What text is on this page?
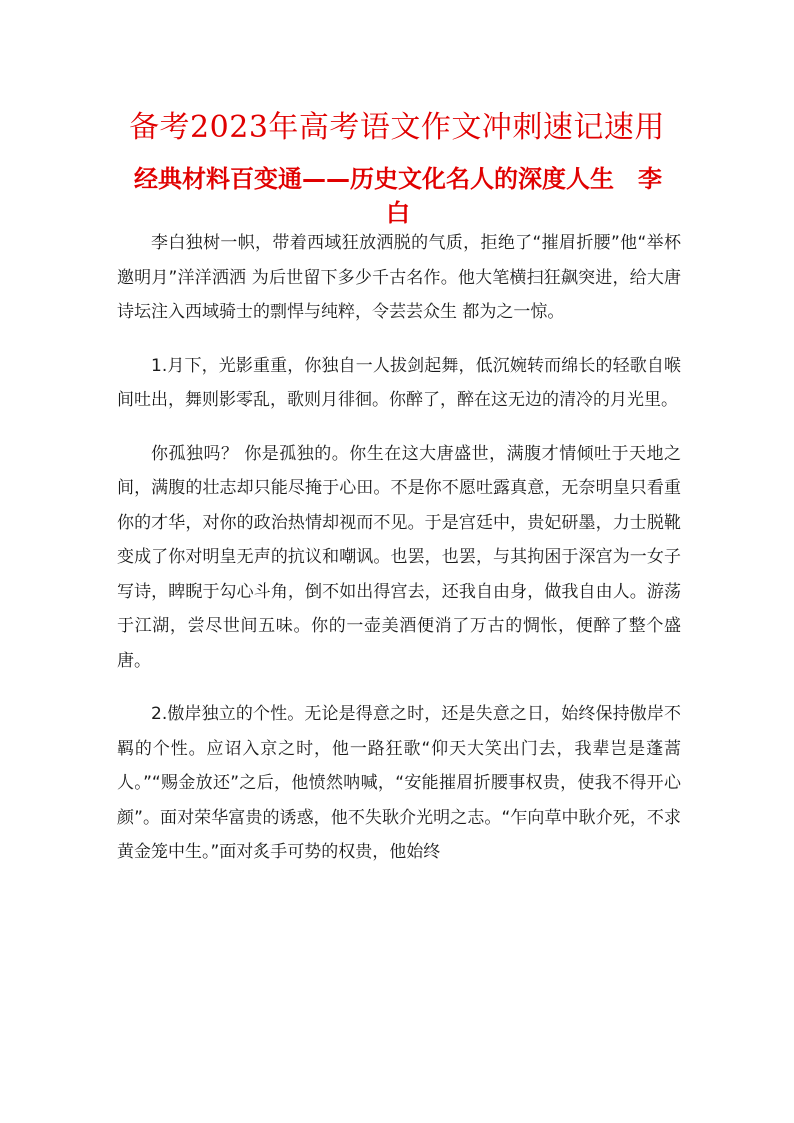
备考2023年高考语文作文冲刺速记速用
经典材料百变通——历史文化名人的深度人生　李白

李白独树一帜，带着西域狂放洒脱的气质，拒绝了“摧眉折腰”他“举杯邀明月”洋洋洒洒 为后世留下多少千古名作。他大笔横扫狂飙突进，给大唐诗坛注入西域骑士的剽悍与纯粹，令芸芸众生 都为之一惊。

1.月下，光影重重，你独自一人拔剑起舞，低沉婉转而绵长的轻歌自喉间吐出，舞则影零乱，歌则月徘徊。你醉了，醉在这无边的清冷的月光里。

你孤独吗？ 你是孤独的。你生在这大唐盛世，满腹才情倾吐于天地之间，满腹的壮志却只能尽掩于心田。不是你不愿吐露真意，无奈明皇只看重你的才华，对你的政治热情却视而不见。于是宫廷中，贵妃研墨，力士脱靴变成了你对明皇无声的抗议和嘲讽。也罢，也罢，与其拘困于深宫为一女子写诗，睥睨于勾心斗角，倒不如出得宫去，还我自由身，做我自由人。游荡于江湖，尝尽世间五味。你的一壶美酒便消了万古的惆怅，便醉了整个盛唐。

2.傲岸独立的个性。无论是得意之时，还是失意之日，始终保持傲岸不羁的个性。应诏入京之时，他一路狂歌“仰天大笑出门去，我辈岂是蓬蒿人。”“赐金放还”之后，他愤然呐喊，“安能摧眉折腰事权贵，使我不得开心颜”。面对荣华富贵的诱惑，他不失耿介光明之志。“乍向草中耿介死，不求黄金笼中生。”面对炙手可势的权贵，他始终
